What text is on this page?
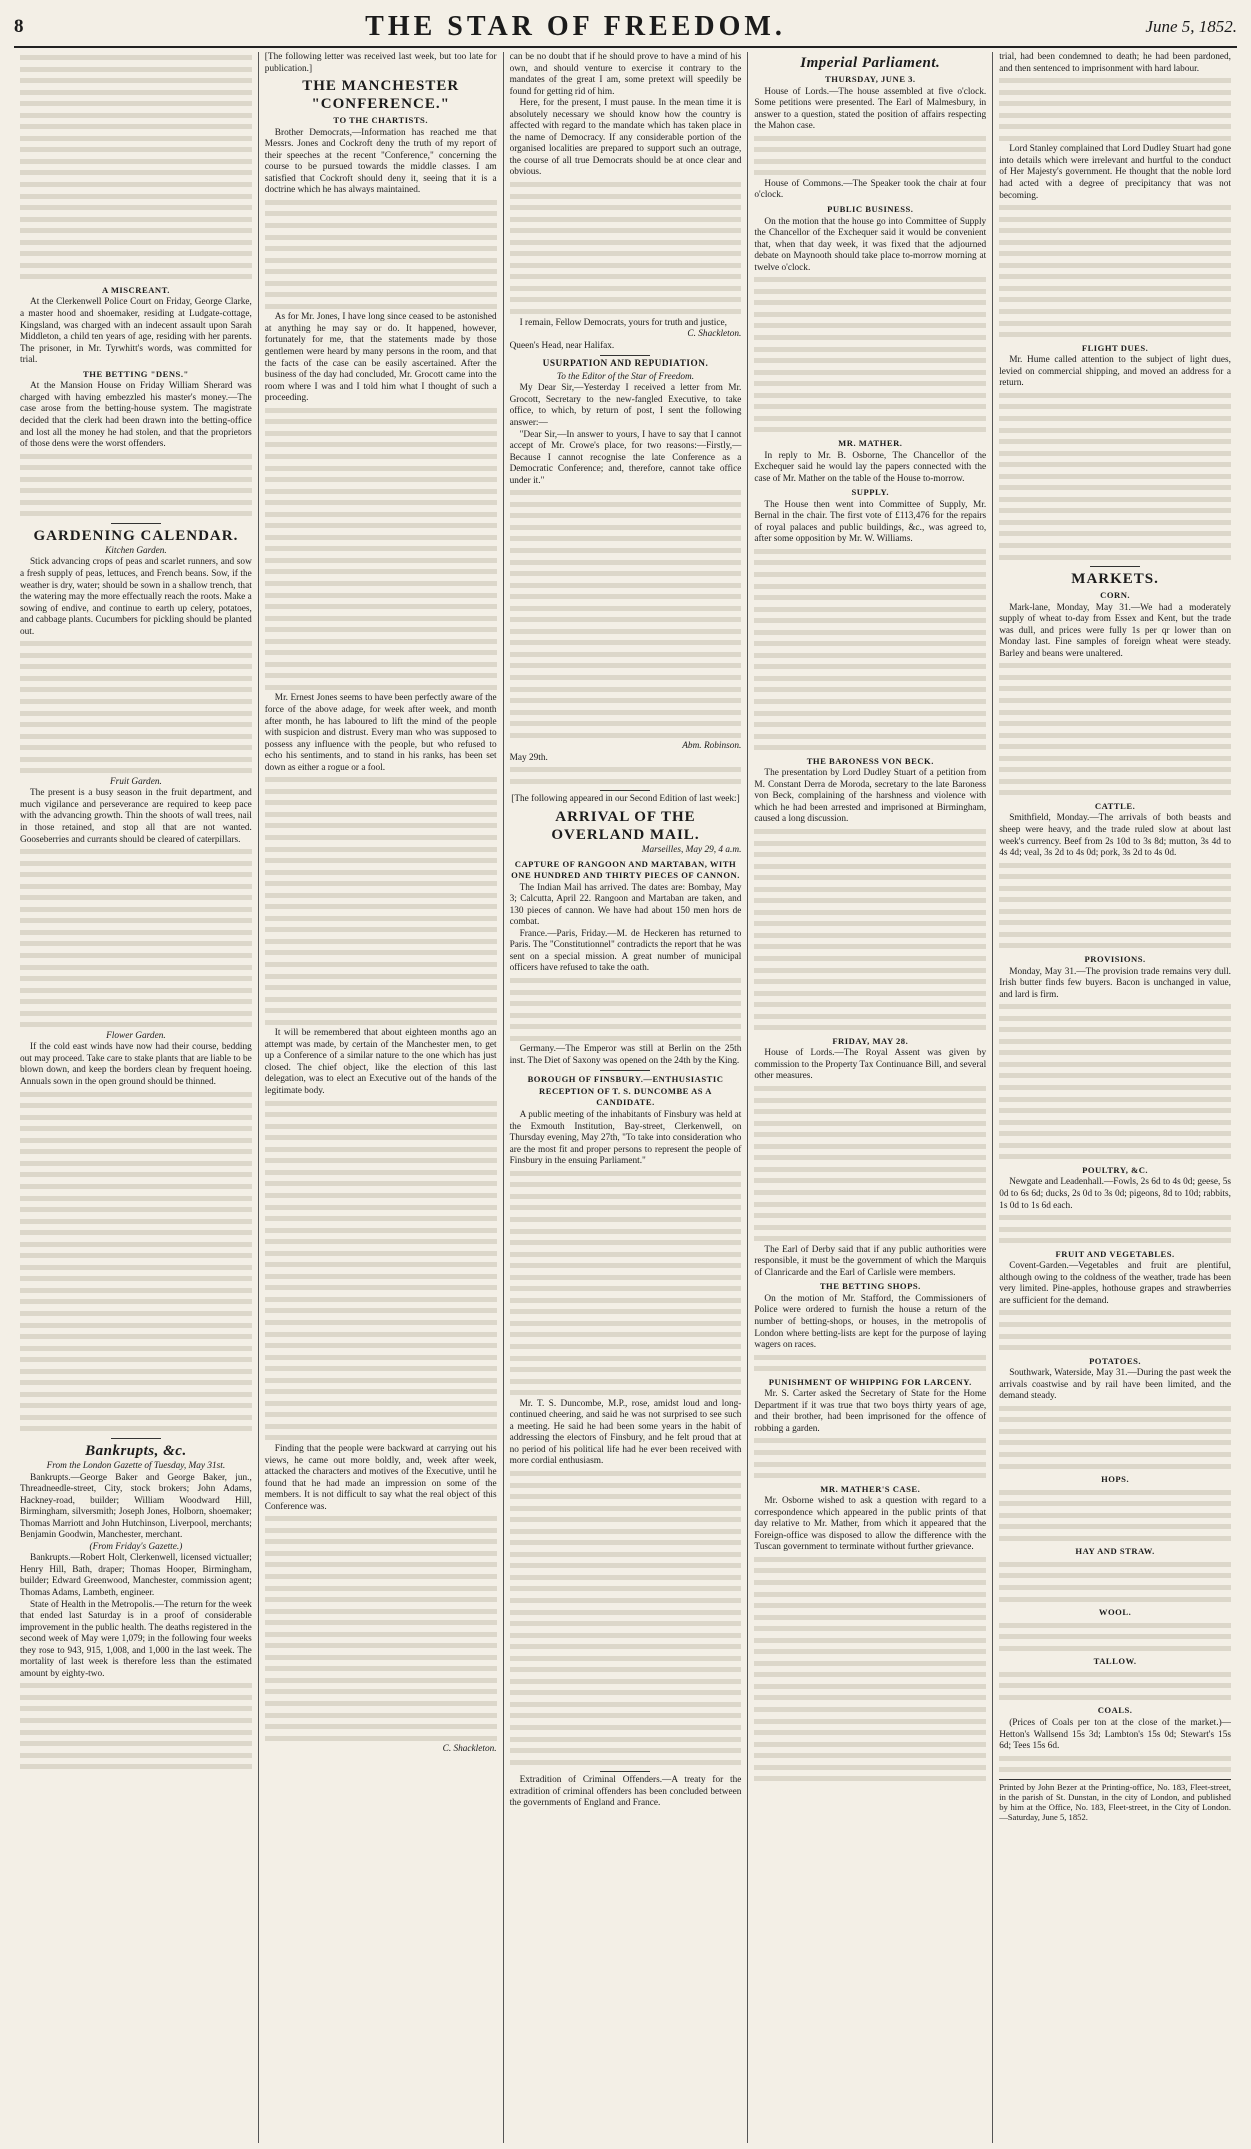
8	THE STAR OF FREEDOM.	June 5, 1852.
A MISCREANT.

At the Clerkenwell Police Court on Friday, George Clarke, a master hood and shoemaker, residing at Ludgate-cottage, Kingsland, was charged with an indecent assault upon Sarah Middleton, a child ten years of age, residing with her parents. The prisoner, in Mr. Tyrwhitt's words, was committed for trial.

THE BETTING "DENS."

At the Mansion House on Friday William Sherard was charged with having embezzled his master's money.—The case arose from the betting-house system. The magistrate decided that the clerk had been drawn into the betting-office and lost all the money he had stolen, and that the proprietors of those dens were the worst offenders.

GARDENING CALENDAR.
Kitchen Garden.

Stick advancing crops of peas and scarlet runners, and sow a fresh supply of peas, lettuces, and French beans. Sow, if the weather is dry, water; should be sown in a shallow trench, that the watering may the more effectually reach the roots. Make a sowing of endive, and continue to earth up celery, potatoes, and cabbage plants. Cucumbers for pickling should be planted out.

Fruit Garden.

The present is a busy season in the fruit department, and much vigilance and perseverance are required to keep pace with the advancing growth. Thin the shoots of wall trees, nail in those retained, and stop all that are not wanted. Gooseberries and currants should be cleared of caterpillars.

Flower Garden.

If the cold east winds have now had their course, bedding out may proceed. Take care to stake plants that are liable to be blown down, and keep the borders clean by frequent hoeing. Annuals sown in the open ground should be thinned.

Bankrupts, &c.
From the London Gazette of Tuesday, May 31st.

Bankrupts.—George Baker and George Baker, jun., Threadneedle-street, City, stock brokers; John Adams, Hackney-road, builder; William Woodward Hill, Birmingham, silversmith; Joseph Jones, Holborn, shoemaker; Thomas Marriott and John Hutchinson, Liverpool, merchants; Benjamin Goodwin, Manchester, merchant.

(From Friday's Gazette.)

Bankrupts.—Robert Holt, Clerkenwell, licensed victualler; Henry Hill, Bath, draper; Thomas Hooper, Birmingham, builder; Edward Greenwood, Manchester, commission agent; Thomas Adams, Lambeth, engineer.

State of Health in the Metropolis.—The return for the week that ended last Saturday is in a proof of considerable improvement in the public health. The deaths registered in the second week of May were 1,079; in the following four weeks they rose to 943, 915, 1,008, and 1,000 in the last week. The mortality of last week is therefore less than the estimated amount by eighty-two.

[The following letter was received last week, but too late for publication.]

THE MANCHESTER "CONFERENCE."
TO THE CHARTISTS.

Brother Democrats,—Information has reached me that Messrs. Jones and Cockroft deny the truth of my report of their speeches at the recent "Conference," concerning the course to be pursued towards the middle classes. I am satisfied that Cockroft should deny it, seeing that it is a doctrine which he has always maintained.

As for Mr. Jones, I have long since ceased to be astonished at anything he may say or do. It happened, however, fortunately for me, that the statements made by those gentlemen were heard by many persons in the room, and that the facts of the case can be easily ascertained. After the business of the day had concluded, Mr. Grocott came into the room where I was and I told him what I thought of such a proceeding.

Mr. Ernest Jones seems to have been perfectly aware of the force of the above adage, for week after week, and month after month, he has laboured to lift the mind of the people with suspicion and distrust. Every man who was supposed to possess any influence with the people, but who refused to echo his sentiments, and to stand in his ranks, has been set down as either a rogue or a fool.

It will be remembered that about eighteen months ago an attempt was made, by certain of the Manchester men, to get up a Conference of a similar nature to the one which has just closed. The chief object, like the election of this last delegation, was to elect an Executive out of the hands of the legitimate body.

Finding that the people were backward at carrying out his views, he came out more boldly, and, week after week, attacked the characters and motives of the Executive, until he found that he had made an impression on some of the members. It is not difficult to say what the real object of this Conference was.

C. Shackleton.

can be no doubt that if he should prove to have a mind of his own, and should venture to exercise it contrary to the mandates of the great I am, some pretext will speedily be found for getting rid of him.

Here, for the present, I must pause. In the mean time it is absolutely necessary we should know how the country is affected with regard to the mandate which has taken place in the name of Democracy. If any considerable portion of the organised localities are prepared to support such an outrage, the course of all true Democrats should be at once clear and obvious.

I remain, Fellow Democrats, yours for truth and justice,

C. Shackleton.

Queen's Head, near Halifax.

USURPATION AND REPUDIATION.
To the Editor of the Star of Freedom.

My Dear Sir,—Yesterday I received a letter from Mr. Grocott, Secretary to the new-fangled Executive, to take office, to which, by return of post, I sent the following answer:—

"Dear Sir,—In answer to yours, I have to say that I cannot accept of Mr. Crowe's place, for two reasons:—Firstly,—Because I cannot recognise the late Conference as a Democratic Conference; and, therefore, cannot take office under it."

Abm. Robinson.

May 29th.

[The following appeared in our Second Edition of last week:]

ARRIVAL OF THE OVERLAND MAIL.
Marseilles, May 29, 4 a.m.
CAPTURE OF RANGOON AND MARTABAN, WITH ONE HUNDRED AND THIRTY PIECES OF CANNON.

The Indian Mail has arrived. The dates are: Bombay, May 3; Calcutta, April 22. Rangoon and Martaban are taken, and 130 pieces of cannon. We have had about 150 men hors de combat.

France.—Paris, Friday.—M. de Heckeren has returned to Paris. The "Constitutionnel" contradicts the report that he was sent on a special mission. A great number of municipal officers have refused to take the oath.

Germany.—The Emperor was still at Berlin on the 25th inst. The Diet of Saxony was opened on the 24th by the King.

BOROUGH OF FINSBURY.—ENTHUSIASTIC RECEPTION OF T. S. DUNCOMBE AS A CANDIDATE.

A public meeting of the inhabitants of Finsbury was held at the Exmouth Institution, Bay-street, Clerkenwell, on Thursday evening, May 27th, "To take into consideration who are the most fit and proper persons to represent the people of Finsbury in the ensuing Parliament."

Mr. T. S. Duncombe, M.P., rose, amidst loud and long-continued cheering, and said he was not surprised to see such a meeting. He said he had been some years in the habit of addressing the electors of Finsbury, and he felt proud that at no period of his political life had he ever been received with more cordial enthusiasm.

Extradition of Criminal Offenders.—A treaty for the extradition of criminal offenders has been concluded between the governments of England and France.

Imperial Parliament.
THURSDAY, JUNE 3.

House of Lords.—The house assembled at five o'clock. Some petitions were presented. The Earl of Malmesbury, in answer to a question, stated the position of affairs respecting the Mahon case.

House of Commons.—The Speaker took the chair at four o'clock.

PUBLIC BUSINESS.

On the motion that the house go into Committee of Supply the Chancellor of the Exchequer said it would be convenient that, when that day week, it was fixed that the adjourned debate on Maynooth should take place to-morrow morning at twelve o'clock.

MR. MATHER.

In reply to Mr. B. Osborne, The Chancellor of the Exchequer said he would lay the papers connected with the case of Mr. Mather on the table of the House to-morrow.

SUPPLY.

The House then went into Committee of Supply, Mr. Bernal in the chair. The first vote of £113,476 for the repairs of royal palaces and public buildings, &c., was agreed to, after some opposition by Mr. W. Williams.

THE BARONESS VON BECK.

The presentation by Lord Dudley Stuart of a petition from M. Constant Derra de Moroda, secretary to the late Baroness von Beck, complaining of the harshness and violence with which he had been arrested and imprisoned at Birmingham, caused a long discussion.

FRIDAY, MAY 28.

House of Lords.—The Royal Assent was given by commission to the Property Tax Continuance Bill, and several other measures.

The Earl of Derby said that if any public authorities were responsible, it must be the government of which the Marquis of Clanricarde and the Earl of Carlisle were members.

THE BETTING SHOPS.

On the motion of Mr. Stafford, the Commissioners of Police were ordered to furnish the house a return of the number of betting-shops, or houses, in the metropolis of London where betting-lists are kept for the purpose of laying wagers on races.

PUNISHMENT OF WHIPPING FOR LARCENY.

Mr. S. Carter asked the Secretary of State for the Home Department if it was true that two boys thirty years of age, and their brother, had been imprisoned for the offence of robbing a garden.

MR. MATHER'S CASE.

Mr. Osborne wished to ask a question with regard to a correspondence which appeared in the public prints of that day relative to Mr. Mather, from which it appeared that the Foreign-office was disposed to allow the difference with the Tuscan government to terminate without further grievance.

trial, had been condemned to death; he had been pardoned, and then sentenced to imprisonment with hard labour.

Lord Stanley complained that Lord Dudley Stuart had gone into details which were irrelevant and hurtful to the conduct of Her Majesty's government. He thought that the noble lord had acted with a degree of precipitancy that was not becoming.

FLIGHT DUES.

Mr. Hume called attention to the subject of light dues, levied on commercial shipping, and moved an address for a return.

MARKETS.
CORN.

Mark-lane, Monday, May 31.—We had a moderately supply of wheat to-day from Essex and Kent, but the trade was dull, and prices were fully 1s per qr lower than on Monday last. Fine samples of foreign wheat were steady. Barley and beans were unaltered.

CATTLE.

Smithfield, Monday.—The arrivals of both beasts and sheep were heavy, and the trade ruled slow at about last week's currency. Beef from 2s 10d to 3s 8d; mutton, 3s 4d to 4s 4d; veal, 3s 2d to 4s 0d; pork, 3s 2d to 4s 0d.

PROVISIONS.

Monday, May 31.—The provision trade remains very dull. Irish butter finds few buyers. Bacon is unchanged in value, and lard is firm.

POULTRY, &C.

Newgate and Leadenhall.—Fowls, 2s 6d to 4s 0d; geese, 5s 0d to 6s 6d; ducks, 2s 0d to 3s 0d; pigeons, 8d to 10d; rabbits, 1s 0d to 1s 6d each.

FRUIT AND VEGETABLES.

Covent-Garden.—Vegetables and fruit are plentiful, although owing to the coldness of the weather, trade has been very limited. Pine-apples, hothouse grapes and strawberries are sufficient for the demand.

POTATOES.

Southwark, Waterside, May 31.—During the past week the arrivals coastwise and by rail have been limited, and the demand steady.

HOPS.
HAY AND STRAW.
WOOL.
TALLOW.
COALS.

(Prices of Coals per ton at the close of the market.)—Hetton's Wallsend 15s 3d; Lambton's 15s 0d; Stewart's 15s 6d; Tees 15s 6d.

Printed by John Bezer at the Printing-office, No. 183, Fleet-street, in the parish of St. Dunstan, in the city of London, and published by him at the Office, No. 183, Fleet-street, in the City of London.—Saturday, June 5, 1852.
